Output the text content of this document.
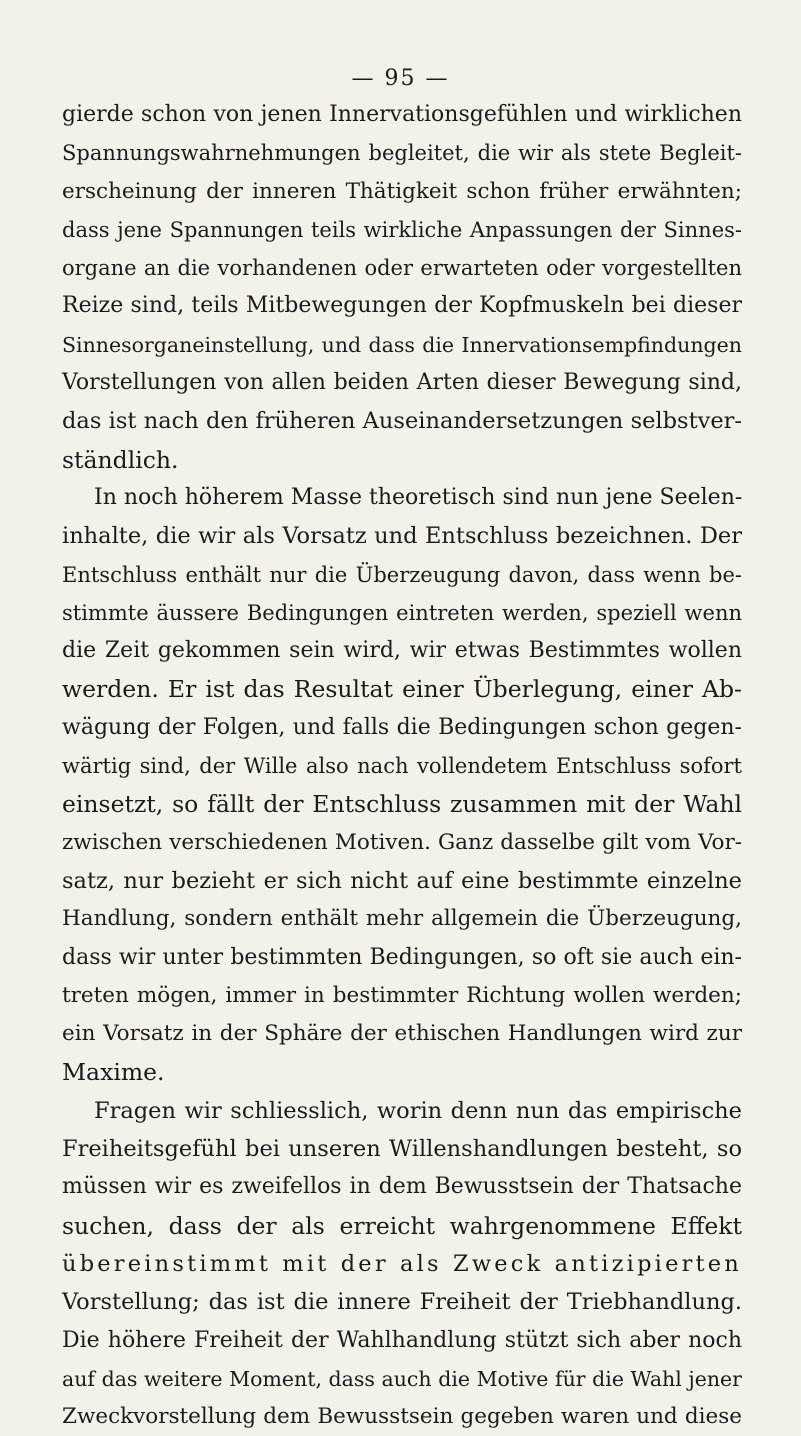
— 95 —
gierde schon von jenen Innervationsgefühlen und wirklichen
Spannungswahrnehmungen begleitet, die wir als stete Begleit-
erscheinung der inneren Thätigkeit schon früher erwähnten;
dass jene Spannungen teils wirkliche Anpassungen der Sinnes-
organe an die vorhandenen oder erwarteten oder vorgestellten
Reize sind, teils Mitbewegungen der Kopfmuskeln bei dieser
Sinnesorganeinstellung, und dass die Innervationsempfindungen
Vorstellungen von allen beiden Arten dieser Bewegung sind,
das ist nach den früheren Auseinandersetzungen selbstver-
ständlich.
In noch höherem Masse theoretisch sind nun jene Seelen-
inhalte, die wir als Vorsatz und Entschluss bezeichnen. Der
Entschluss enthält nur die Überzeugung davon, dass wenn be-
stimmte äussere Bedingungen eintreten werden, speziell wenn
die Zeit gekommen sein wird, wir etwas Bestimmtes wollen
werden. Er ist das Resultat einer Überlegung, einer Ab-
wägung der Folgen, und falls die Bedingungen schon gegen-
wärtig sind, der Wille also nach vollendetem Entschluss sofort
einsetzt, so fällt der Entschluss zusammen mit der Wahl
zwischen verschiedenen Motiven. Ganz dasselbe gilt vom Vor-
satz, nur bezieht er sich nicht auf eine bestimmte einzelne
Handlung, sondern enthält mehr allgemein die Überzeugung,
dass wir unter bestimmten Bedingungen, so oft sie auch ein-
treten mögen, immer in bestimmter Richtung wollen werden;
ein Vorsatz in der Sphäre der ethischen Handlungen wird zur
Maxime.
Fragen wir schliesslich, worin denn nun das empirische
Freiheitsgefühl bei unseren Willenshandlungen besteht, so
müssen wir es zweifellos in dem Bewusstsein der Thatsache
suchen, dass der als erreicht wahrgenommene Effekt
übereinstimmt mit der als Zweck antizipierten
Vorstellung; das ist die innere Freiheit der Triebhandlung.
Die höhere Freiheit der Wahlhandlung stützt sich aber noch
auf das weitere Moment, dass auch die Motive für die Wahl jener
Zweckvorstellung dem Bewusstsein gegeben waren und diese
